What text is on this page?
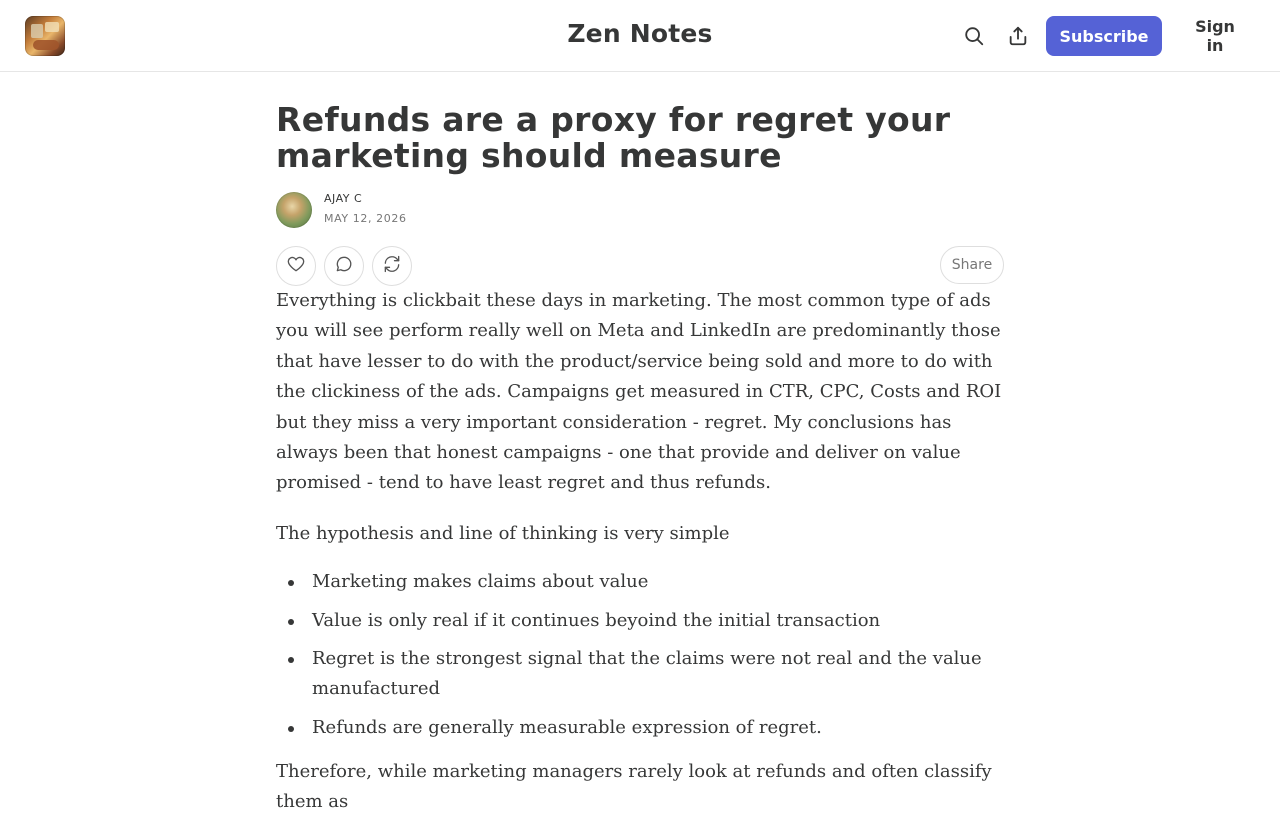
Zen Notes	Subscribe	Sign in
Refunds are a proxy for regret your marketing should measure
AJAY C
MAY 12, 2026
Share

Everything is clickbait these days in marketing. The most common type of ads you will see perform really well on Meta and LinkedIn are predominantly those that have lesser to do with the product/service being sold and more to do with the clickiness of the ads. Campaigns get measured in CTR, CPC, Costs and ROI but they miss a very important consideration - regret. My conclusions has always been that honest campaigns - one that provide and deliver on value promised - tend to have least regret and thus refunds.

The hypothesis and line of thinking is very simple

Marketing makes claims about value
Value is only real if it continues beyoind the initial transaction
Regret is the strongest signal that the claims were not real and the value manufactured
Refunds are generally measurable expression of regret.

Therefore, while marketing managers rarely look at refunds and often classify them as
